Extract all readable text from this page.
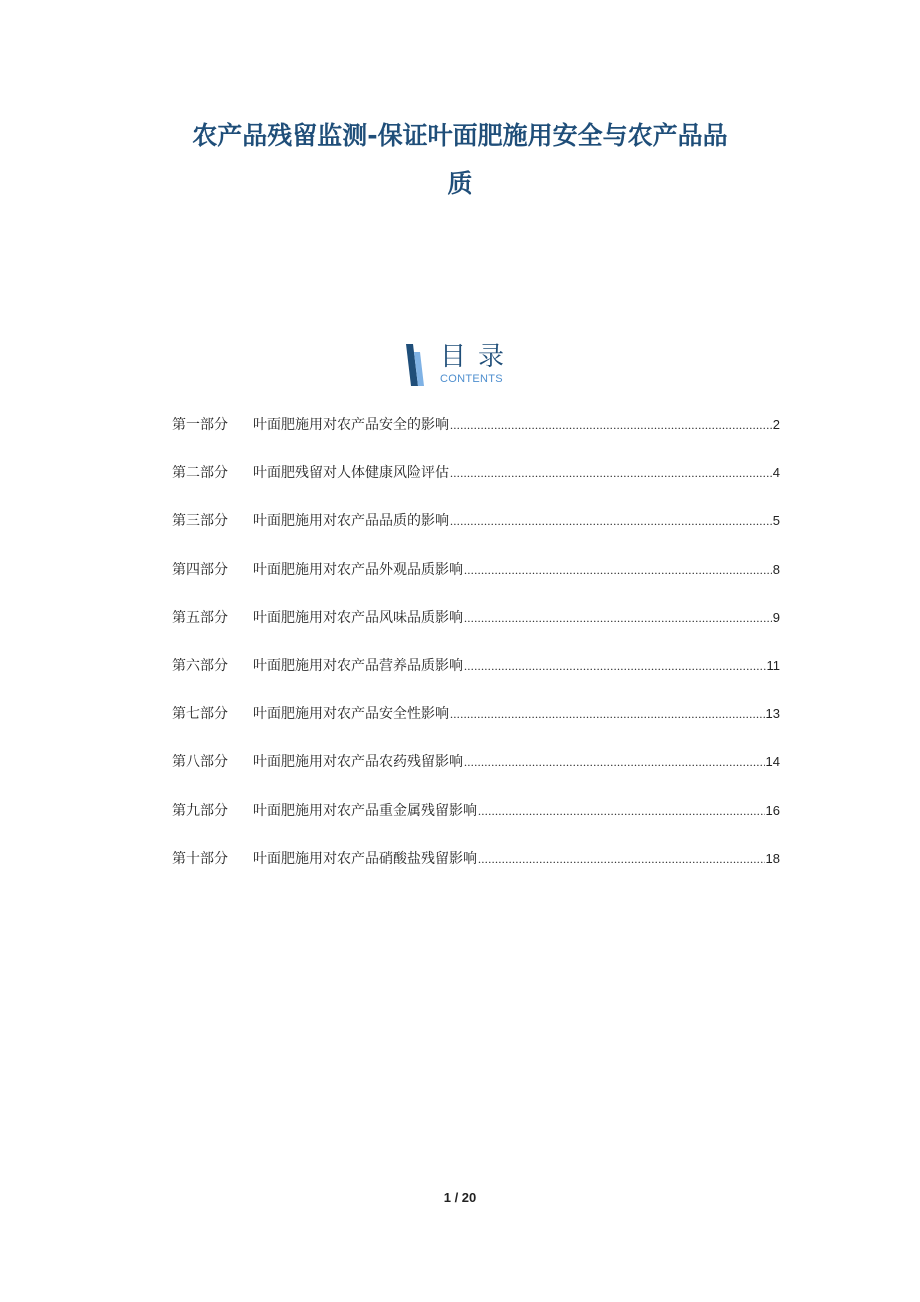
农产品残留监测-保证叶面肥施用安全与农产品品
质
目录
CONTENTS
第一部分	叶面肥施用对农产品安全的影响 .....	2
第二部分	叶面肥残留对人体健康风险评估 .....	4
第三部分	叶面肥施用对农产品品质的影响 .....	5
第四部分	叶面肥施用对农产品外观品质影响 .....	8
第五部分	叶面肥施用对农产品风味品质影响 .....	9
第六部分	叶面肥施用对农产品营养品质影响 .....	11
第七部分	叶面肥施用对农产品安全性影响 .....	13
第八部分	叶面肥施用对农产品农药残留影响 .....	14
第九部分	叶面肥施用对农产品重金属残留影响 .....	16
第十部分	叶面肥施用对农产品硝酸盐残留影响 .....	18
1 / 20
